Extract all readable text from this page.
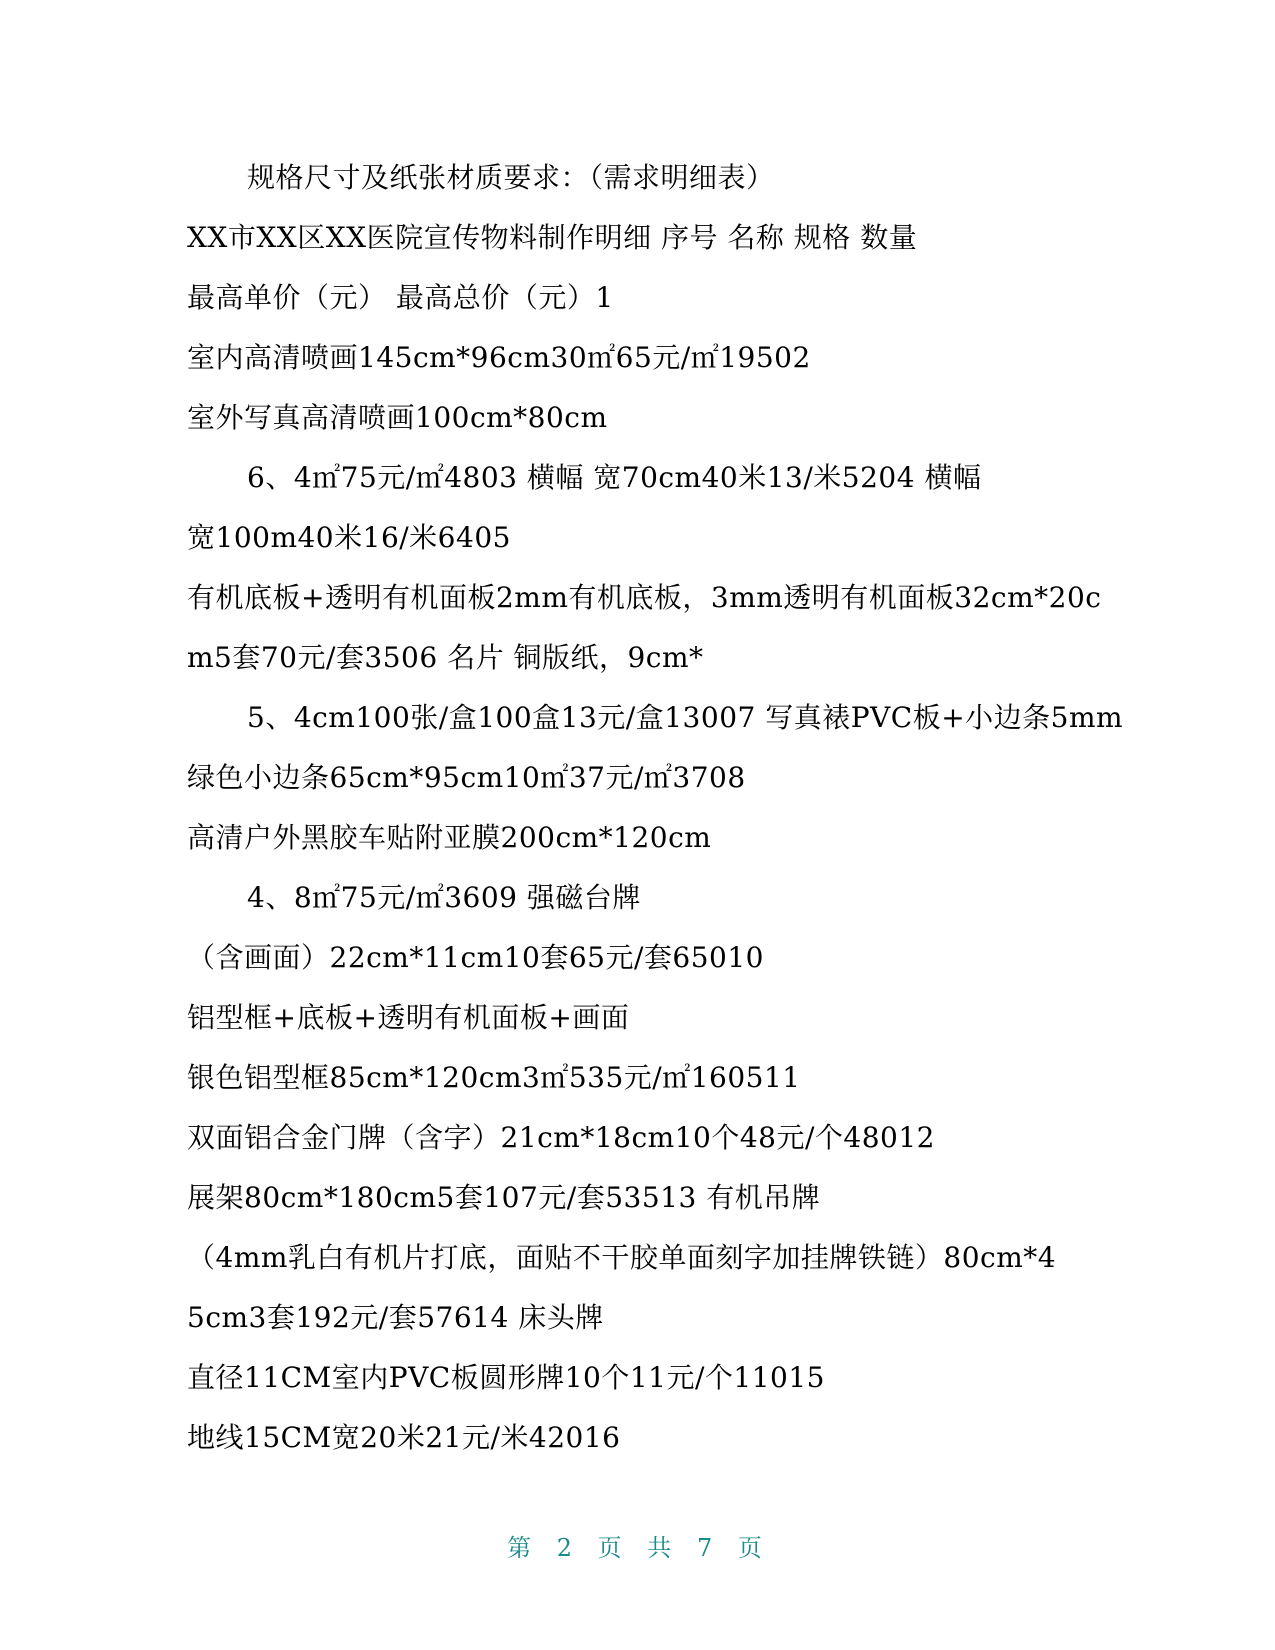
规格尺寸及纸张材质要求：（需求明细表）
XX市XX区XX医院宣传物料制作明细 序号 名称 规格 数量
最高单价（元） 最高总价（元）1
室内高清喷画145cm*96cm30㎡65元/㎡19502
室外写真高清喷画100cm*80cm
6、4㎡75元/㎡4803 横幅 宽70cm40米13/米5204 横幅
宽100m40米16/米6405
有机底板+透明有机面板2mm有机底板，3mm透明有机面板32cm*20c
m5套70元/套3506 名片 铜版纸，9cm*
5、4cm100张/盒100盒13元/盒13007 写真裱PVC板+小边条5mm
绿色小边条65cm*95cm10㎡37元/㎡3708
高清户外黑胶车贴附亚膜200cm*120cm
4、8㎡75元/㎡3609 强磁台牌
（含画面）22cm*11cm10套65元/套65010
铝型框+底板+透明有机面板+画面
银色铝型框85cm*120cm3㎡535元/㎡160511
双面铝合金门牌（含字）21cm*18cm10个48元/个48012
展架80cm*180cm5套107元/套53513 有机吊牌
（4mm乳白有机片打底，面贴不干胶单面刻字加挂牌铁链）80cm*4
5cm3套192元/套57614 床头牌
直径11CM室内PVC板圆形牌10个11元/个11015
地线15CM宽20米21元/米42016
第 2 页 共 7 页
